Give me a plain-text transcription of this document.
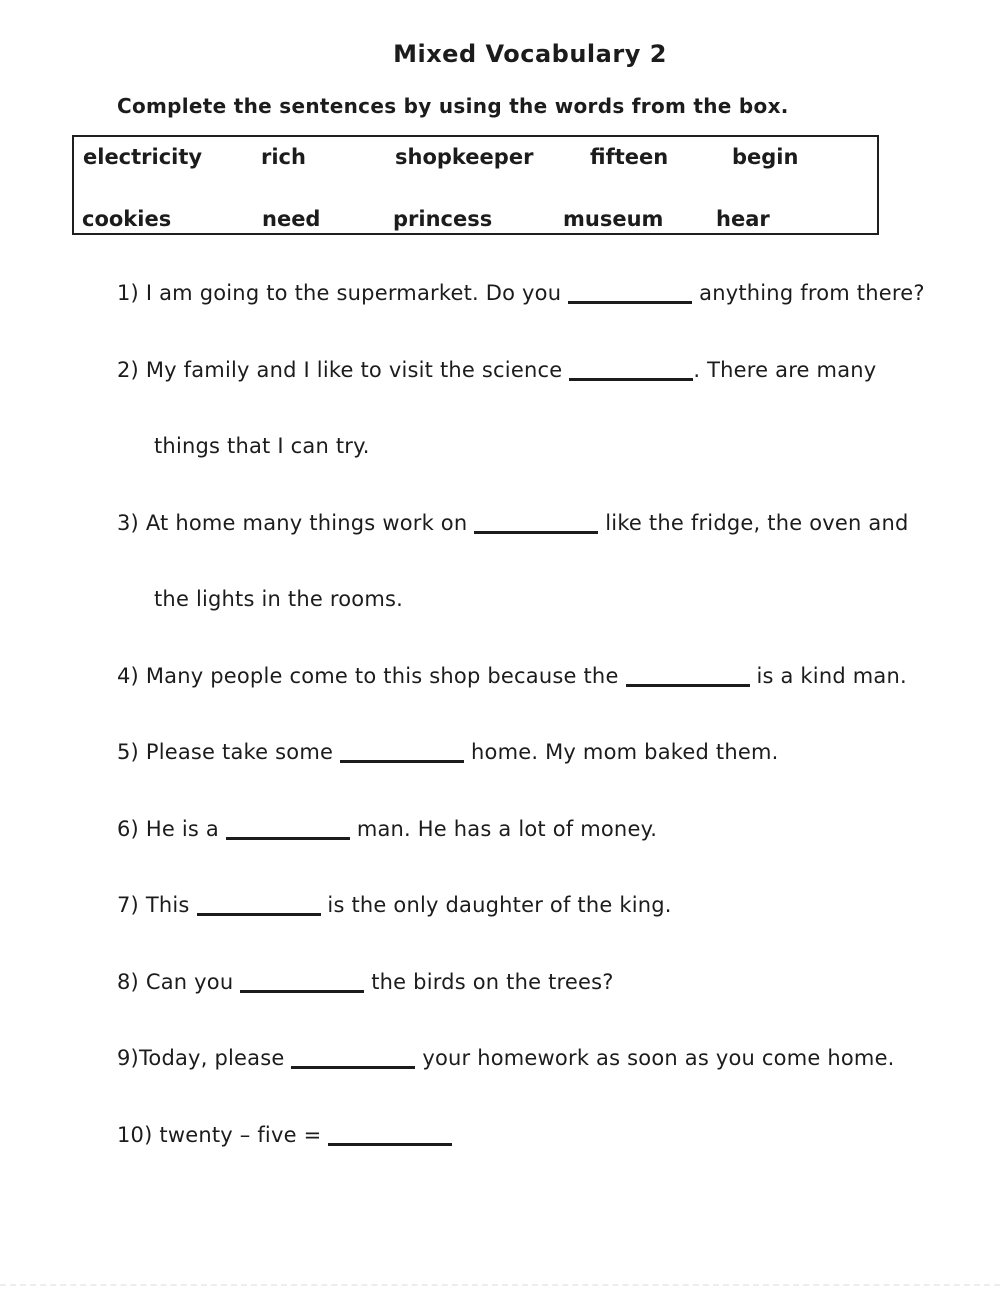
Mixed Vocabulary 2
Complete the sentences by using the words from the box.
electricity	rich	shopkeeper	fifteen	begin
cookies	need	princess	museum	hear
1) I am going to the supermarket. Do you	anything from there?
2) My family and I like to visit the science	. There are many
things that I can try.
3) At home many things work on	like the fridge, the oven and
the lights in the rooms.
4) Many people come to this shop because the	is a kind man.
5) Please take some	home. My mom baked them.
6) He is a	man. He has a lot of money.
7) This	is the only daughter of the king.
8) Can you	the birds on the trees?
9)Today, please	your homework as soon as you come home.
10) twenty – five =
